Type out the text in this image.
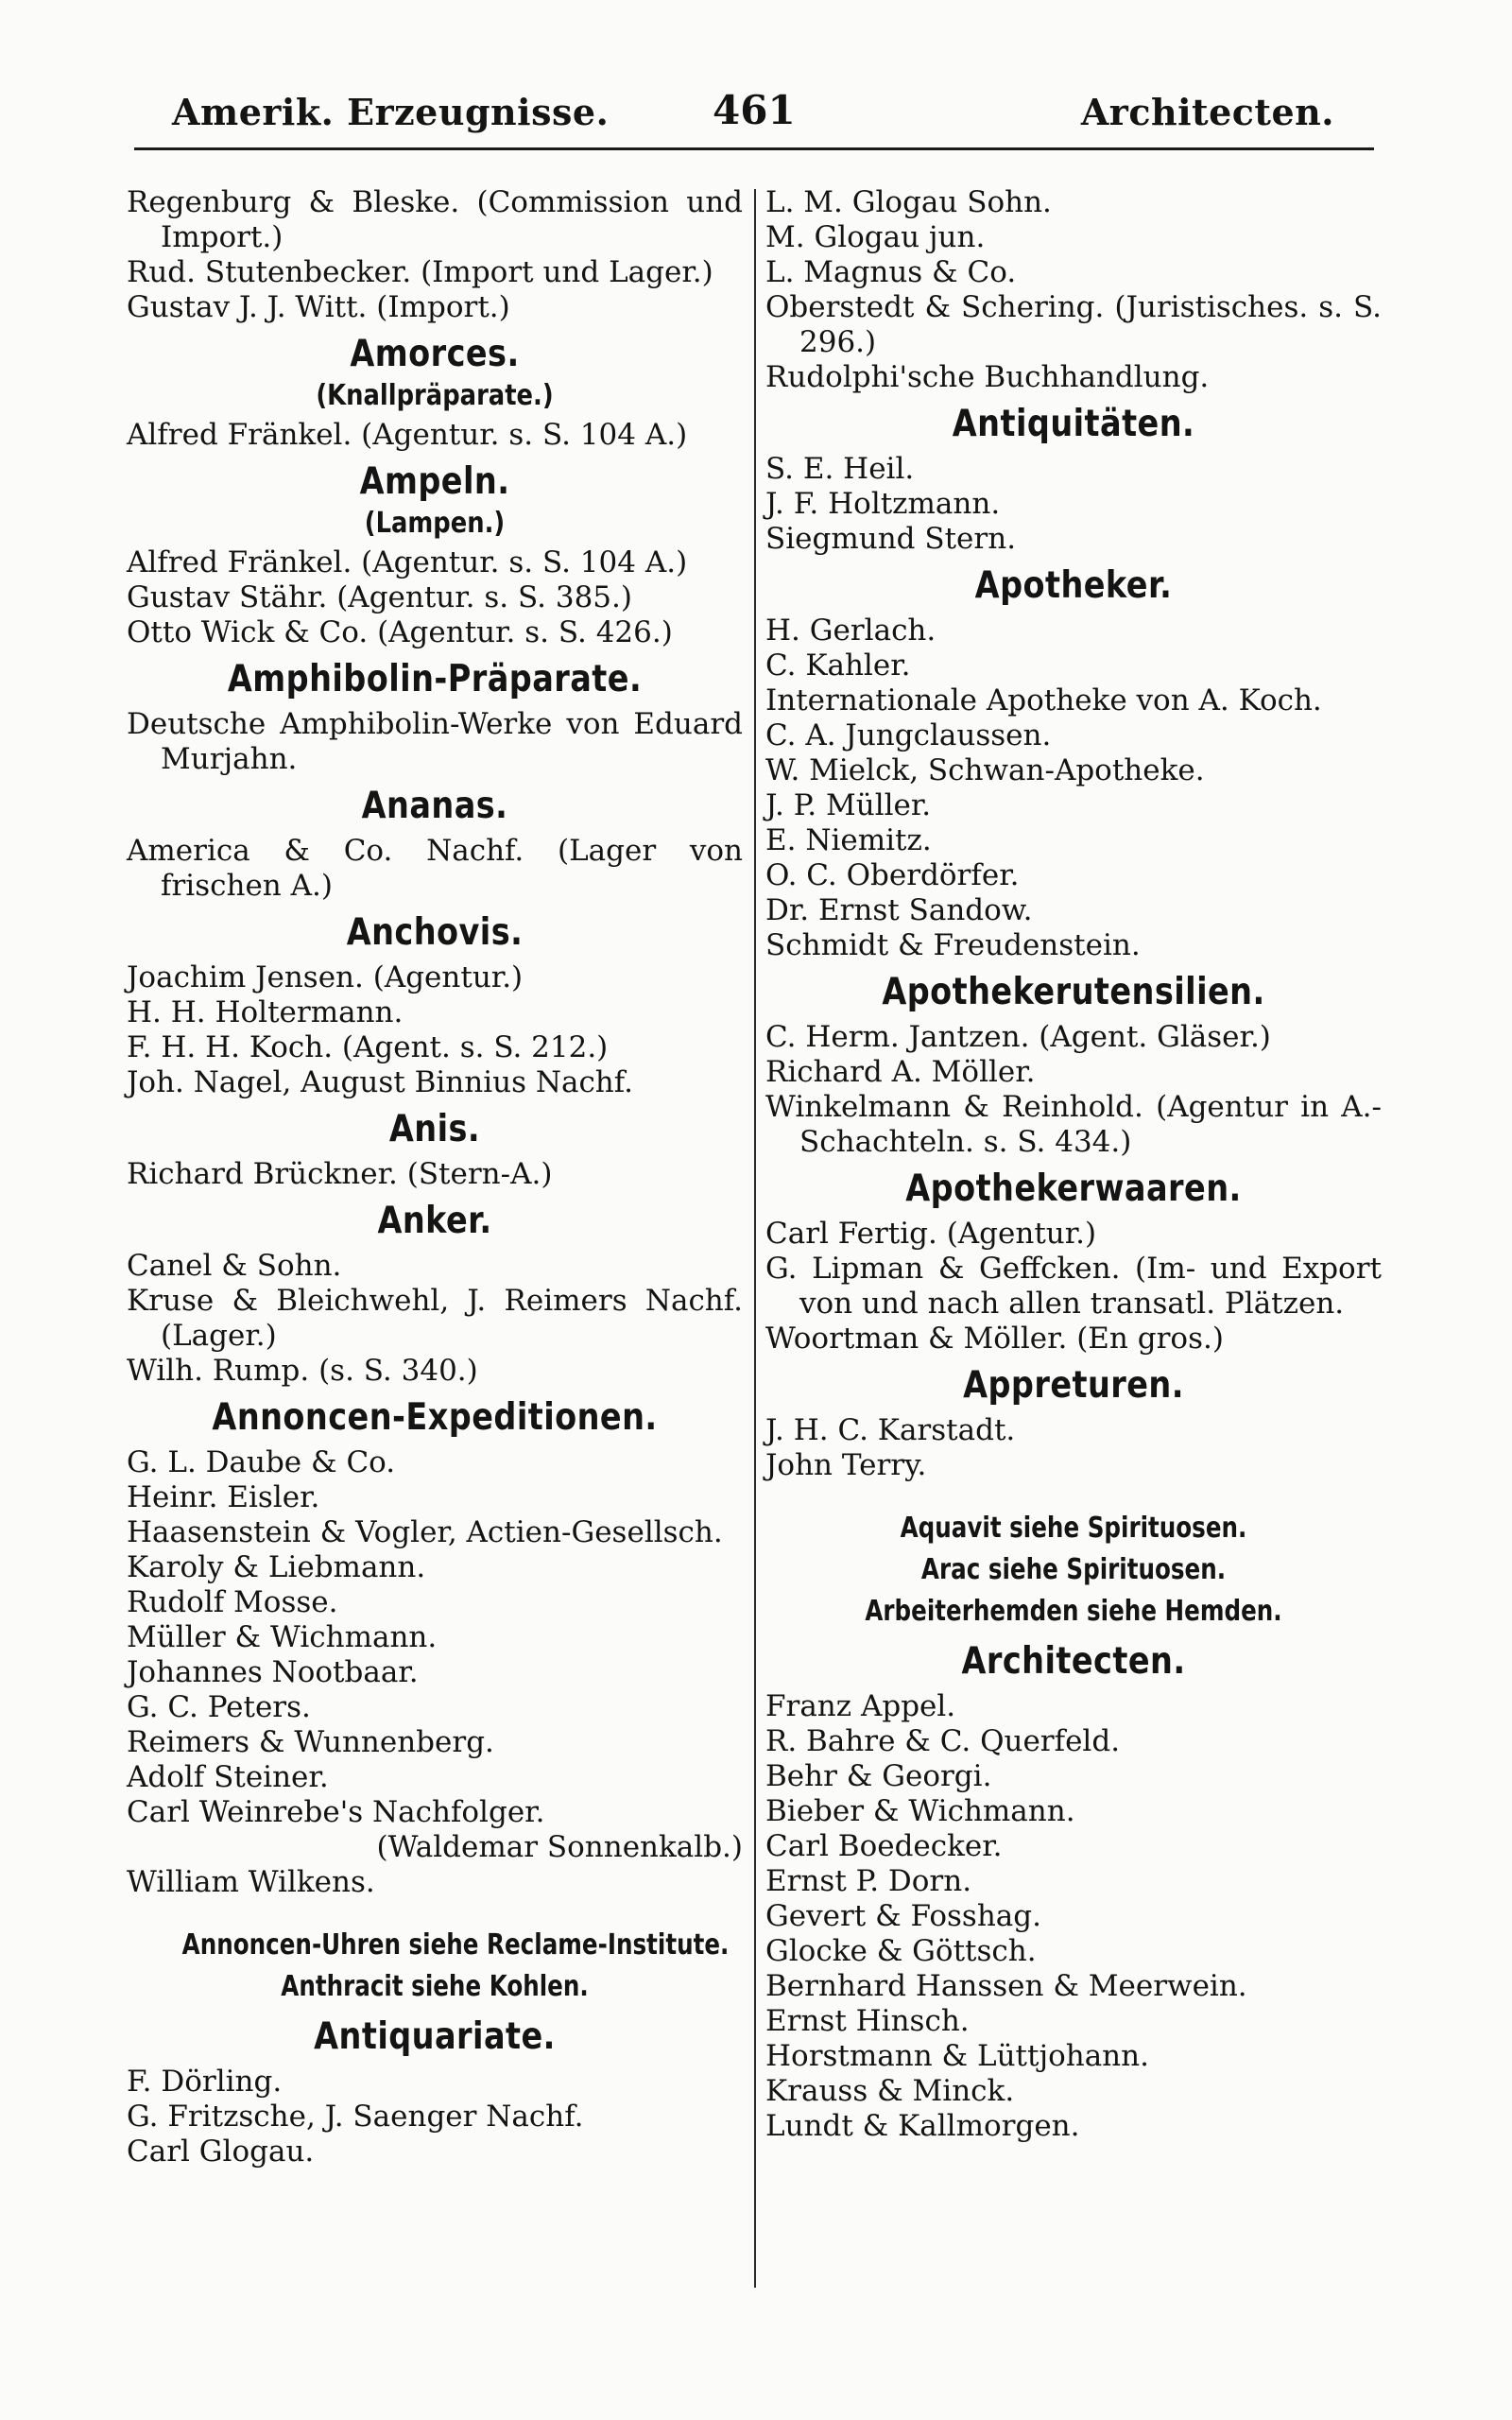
Amerik. Erzeugnisse.	461	Architecten.

Regenburg & Bleske. (Commission und Import.)

Rud. Stutenbecker. (Import und Lager.)

Gustav J. J. Witt. (Import.)

Amorces.
(Knallpräparate.)

Alfred Fränkel. (Agentur. s. S. 104 A.)

Ampeln.
(Lampen.)

Alfred Fränkel. (Agentur. s. S. 104 A.)

Gustav Stähr. (Agentur. s. S. 385.)

Otto Wick & Co. (Agentur. s. S. 426.)

Amphibolin-Präparate.

Deutsche Amphibolin-Werke von Eduard Murjahn.

Ananas.

America & Co. Nachf. (Lager von frischen A.)

Anchovis.

Joachim Jensen. (Agentur.)

H. H. Holtermann.

F. H. H. Koch. (Agent. s. S. 212.)

Joh. Nagel, August Binnius Nachf.

Anis.

Richard Brückner. (Stern-A.)

Anker.

Canel & Sohn.

Kruse & Bleichwehl, J. Reimers Nachf. (Lager.)

Wilh. Rump. (s. S. 340.)

Annoncen-Expeditionen.

G. L. Daube & Co.

Heinr. Eisler.

Haasenstein & Vogler, Actien-Gesellsch.

Karoly & Liebmann.

Rudolf Mosse.

Müller & Wichmann.

Johannes Nootbaar.

G. C. Peters.

Reimers & Wunnenberg.

Adolf Steiner.

Carl Weinrebe's Nachfolger.

(Waldemar Sonnenkalb.)

William Wilkens.

Annoncen-Uhren siehe Reclame-Institute.
Anthracit siehe Kohlen.
Antiquariate.

F. Dörling.

G. Fritzsche, J. Saenger Nachf.

Carl Glogau.

L. M. Glogau Sohn.

M. Glogau jun.

L. Magnus & Co.

Oberstedt & Schering. (Juristisches. s. S. 296.)

Rudolphi'sche Buchhandlung.

Antiquitäten.

S. E. Heil.

J. F. Holtzmann.

Siegmund Stern.

Apotheker.

H. Gerlach.

C. Kahler.

Internationale Apotheke von A. Koch.

C. A. Jungclaussen.

W. Mielck, Schwan-Apotheke.

J. P. Müller.

E. Niemitz.

O. C. Oberdörfer.

Dr. Ernst Sandow.

Schmidt & Freudenstein.

Apothekerutensilien.

C. Herm. Jantzen. (Agent. Gläser.)

Richard A. Möller.

Winkelmann & Reinhold. (Agentur in A.-Schachteln. s. S. 434.)

Apothekerwaaren.

Carl Fertig. (Agentur.)

G. Lipman & Geffcken. (Im- und Export von und nach allen transatl. Plätzen.

Woortman & Möller. (En gros.)

Appreturen.

J. H. C. Karstadt.

John Terry.

Aquavit siehe Spirituosen.
Arac siehe Spirituosen.
Arbeiterhemden siehe Hemden.
Architecten.

Franz Appel.

R. Bahre & C. Querfeld.

Behr & Georgi.

Bieber & Wichmann.

Carl Boedecker.

Ernst P. Dorn.

Gevert & Fosshag.

Glocke & Göttsch.

Bernhard Hanssen & Meerwein.

Ernst Hinsch.

Horstmann & Lüttjohann.

Krauss & Minck.

Lundt & Kallmorgen.
